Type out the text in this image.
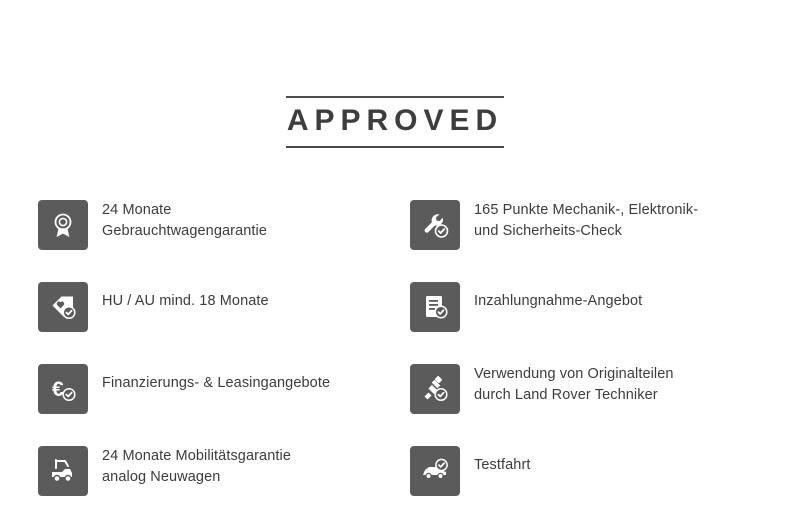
APPROVED
24 Monate
Gebrauchtwagengarantie
165 Punkte Mechanik-, Elektronik-
und Sicherheits-Check
HU / AU mind. 18 Monate	Inzahlungnahme-Angebot
€	Finanzierungs- & Leasingangebote
Verwendung von Originalteilen
durch Land Rover Techniker
24 Monate Mobilitätsgarantie
analog Neuwagen
Testfahrt
